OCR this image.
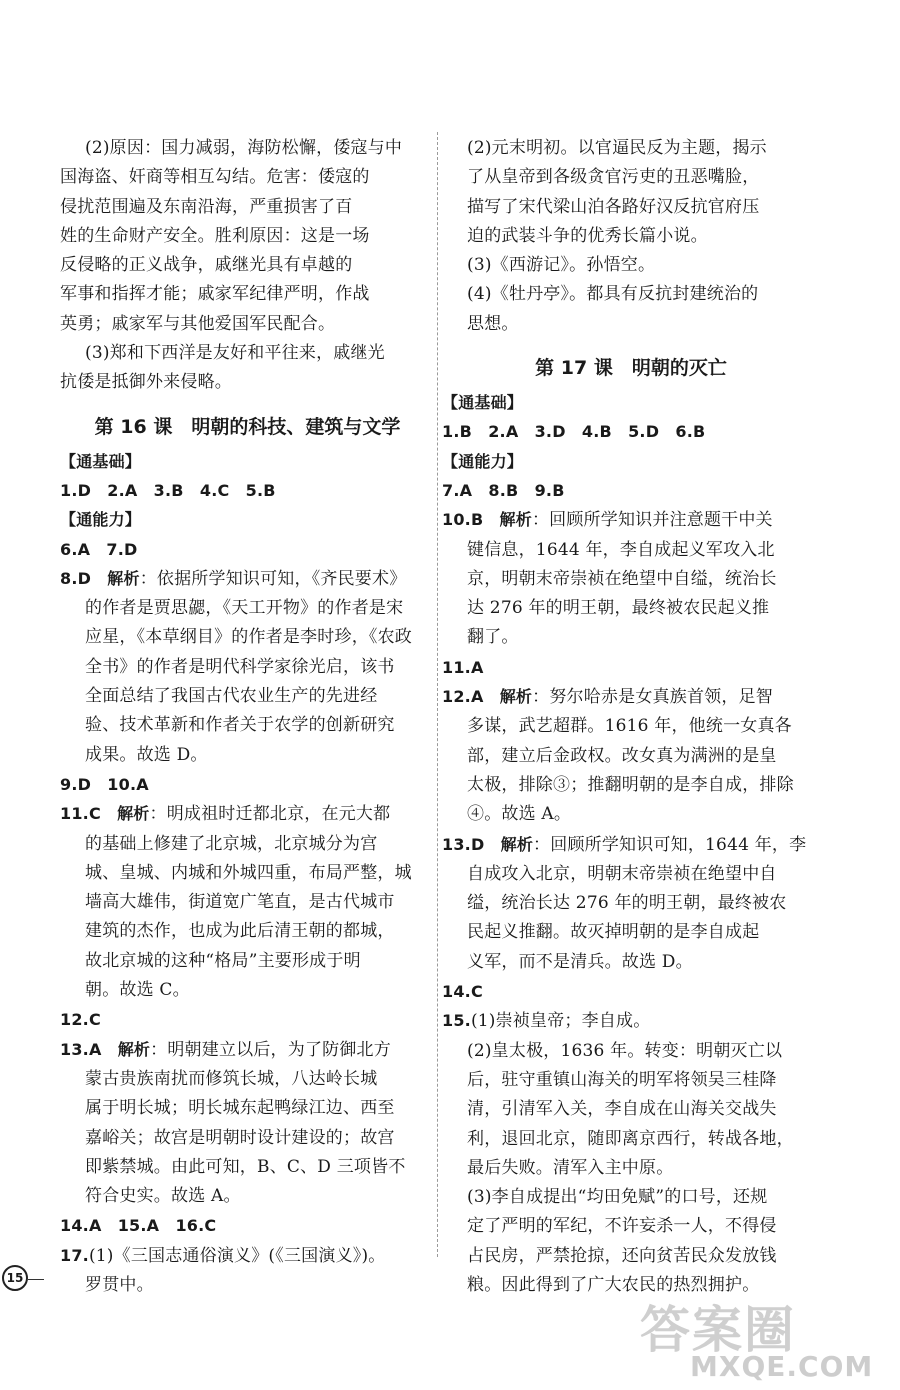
(2)原因：国力减弱，海防松懈，倭寇与中
国海盗、奸商等相互勾结。危害：倭寇的
侵扰范围遍及东南沿海，严重损害了百
姓的生命财产安全。胜利原因：这是一场
反侵略的正义战争，戚继光具有卓越的
军事和指挥才能；戚家军纪律严明，作战
英勇；戚家军与其他爱国军民配合。
(3)郑和下西洋是友好和平往来，戚继光
抗倭是抵御外来侵略。
第 16 课　明朝的科技、建筑与文学
【通基础】
1.D　2.A　3.B　4.C　5.B
【通能力】
6.A　7.D
8.D　解析：依据所学知识可知，《齐民要术》
的作者是贾思勰，《天工开物》的作者是宋
应星，《本草纲目》的作者是李时珍，《农政
全书》的作者是明代科学家徐光启，该书
全面总结了我国古代农业生产的先进经
验、技术革新和作者关于农学的创新研究
成果。故选 D。
9.D　10.A
11.C　解析：明成祖时迁都北京，在元大都
的基础上修建了北京城，北京城分为宫
城、皇城、内城和外城四重，布局严整，城
墙高大雄伟，街道宽广笔直，是古代城市
建筑的杰作，也成为此后清王朝的都城，
故北京城的这种“格局”主要形成于明
朝。故选 C。
12.C
13.A　解析：明朝建立以后，为了防御北方
蒙古贵族南扰而修筑长城，八达岭长城
属于明长城；明长城东起鸭绿江边、西至
嘉峪关；故宫是明朝时设计建设的；故宫
即紫禁城。由此可知，B、C、D 三项皆不
符合史实。故选 A。
14.A　15.A　16.C
17.(1)《三国志通俗演义》(《三国演义》)。
罗贯中。
(2)元末明初。以官逼民反为主题，揭示
了从皇帝到各级贪官污吏的丑恶嘴脸，
描写了宋代梁山泊各路好汉反抗官府压
迫的武装斗争的优秀长篇小说。
(3)《西游记》。孙悟空。
(4)《牡丹亭》。都具有反抗封建统治的
思想。
第 17 课　明朝的灭亡
【通基础】
1.B　2.A　3.D　4.B　5.D　6.B
【通能力】
7.A　8.B　9.B
10.B　解析：回顾所学知识并注意题干中关
键信息，1644 年，李自成起义军攻入北
京，明朝末帝崇祯在绝望中自缢，统治长
达 276 年的明王朝，最终被农民起义推
翻了。
11.A
12.A　解析：努尔哈赤是女真族首领，足智
多谋，武艺超群。1616 年，他统一女真各
部，建立后金政权。改女真为满洲的是皇
太极，排除③；推翻明朝的是李自成，排除
④。故选 A。
13.D　解析：回顾所学知识可知，1644 年，李
自成攻入北京，明朝末帝崇祯在绝望中自
缢，统治长达 276 年的明王朝，最终被农
民起义推翻。故灭掉明朝的是李自成起
义军，而不是清兵。故选 D。
14.C
15.(1)崇祯皇帝；李自成。
(2)皇太极，1636 年。转变：明朝灭亡以
后，驻守重镇山海关的明军将领吴三桂降
清，引清军入关，李自成在山海关交战失
利，退回北京，随即离京西行，转战各地，
最后失败。清军入主中原。
(3)李自成提出“均田免赋”的口号，还规
定了严明的军纪，不许妄杀一人，不得侵
占民房，严禁抢掠，还向贫苦民众发放钱
粮。因此得到了广大农民的热烈拥护。
15
答案圈
MXQE.COM
